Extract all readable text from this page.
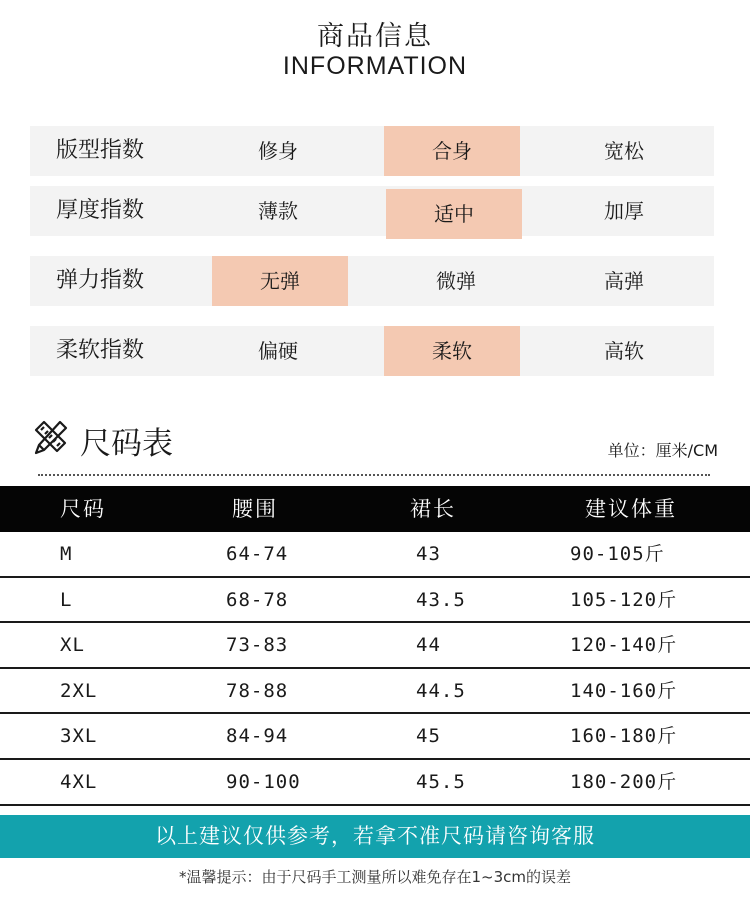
商品信息
INFORMATION
版型指数	修身	合身	宽松
厚度指数	薄款	适中	加厚
弹力指数	无弹	微弹	高弹
柔软指数	偏硬	柔软	高软
尺码表	单位：厘米/CM
尺码	腰围	裙长	建议体重
M	64-74	43	90-105斤
L	68-78	43.5	105-120斤
XL	73-83	44	120-140斤
2XL	78-88	44.5	140-160斤
3XL	84-94	45	160-180斤
4XL	90-100	45.5	180-200斤
以上建议仅供参考，若拿不准尺码请咨询客服
*温馨提示：由于尺码手工测量所以难免存在1~3cm的误差
